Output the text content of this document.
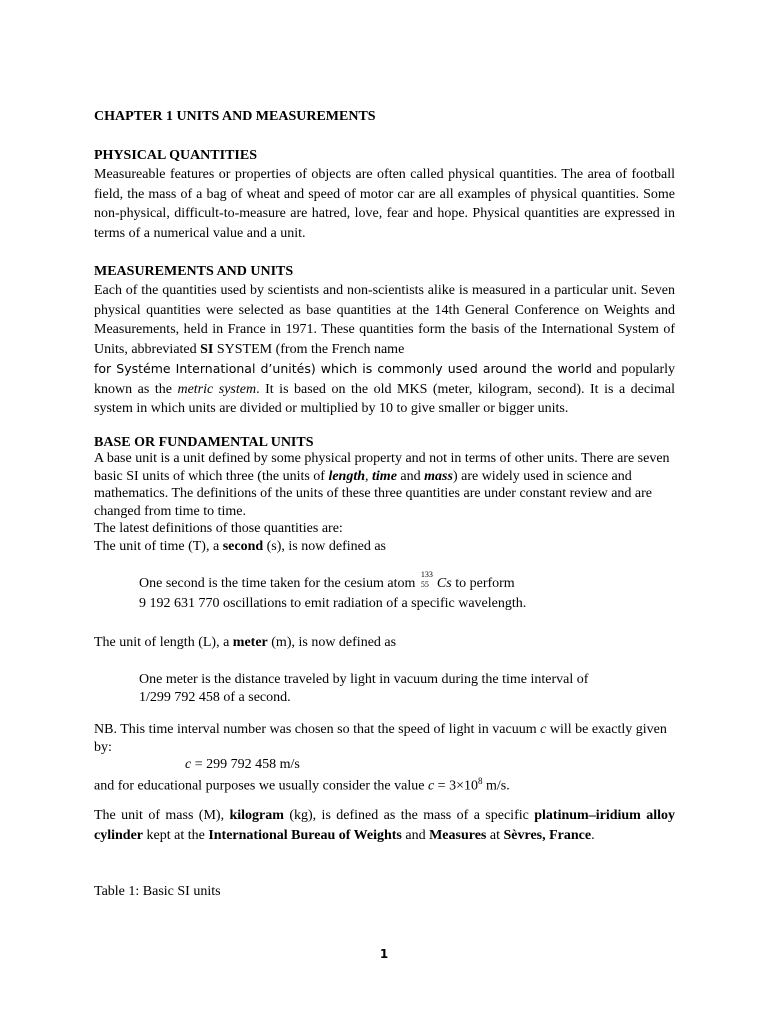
CHAPTER 1 UNITS AND MEASUREMENTS
PHYSICAL QUANTITIES
Measureable features or properties of objects are often called physical quantities. The area of football field, the mass of a bag of wheat and speed of motor car are all examples of physical quantities. Some non-physical, difficult-to-measure are hatred, love, fear and hope. Physical quantities are expressed in terms of a numerical value and a unit.
MEASUREMENTS AND UNITS
Each of the quantities used by scientists and non-scientists alike is measured in a particular unit. Seven physical quantities were selected as base quantities at the 14th General Conference on Weights and Measurements, held in France in 1971. These quantities form the basis of the International System of Units, abbreviated SI SYSTEM (from the French name
for Systéme International d’unités) which is commonly used around the world and popularly known as the metric system. It is based on the old MKS (meter, kilogram, second). It is a decimal system in which units are divided or multiplied by 10 to give smaller or bigger units.
BASE OR FUNDAMENTAL UNITS
A base unit is a unit defined by some physical property and not in terms of other units. There are seven basic SI units of which three (the units of length, time and mass) are widely used in science and mathematics. The definitions of the units of these three quantities are under constant review and are changed from time to time.
The latest definitions of those quantities are:
The unit of time (T), a second (s), is now defined as
One second is the time taken for the cesium atom
133
55 Cs to perform
9 192 631 770 oscillations to emit radiation of a specific wavelength.
The unit of length (L), a meter (m), is now defined as
One meter is the distance traveled by light in vacuum during the time interval of
1/299 792 458 of a second.
NB. This time interval number was chosen so that the speed of light in vacuum c will be exactly given by:
c = 299 792 458 m/s
and for educational purposes we usually consider the value $c = 3\times 10^8$ m/s.
The unit of mass (M), kilogram (kg), is defined as the mass of a specific platinum–iridium alloy cylinder kept at the International Bureau of Weights and Measures at Sèvres, France.
Table 1: Basic SI units
1
